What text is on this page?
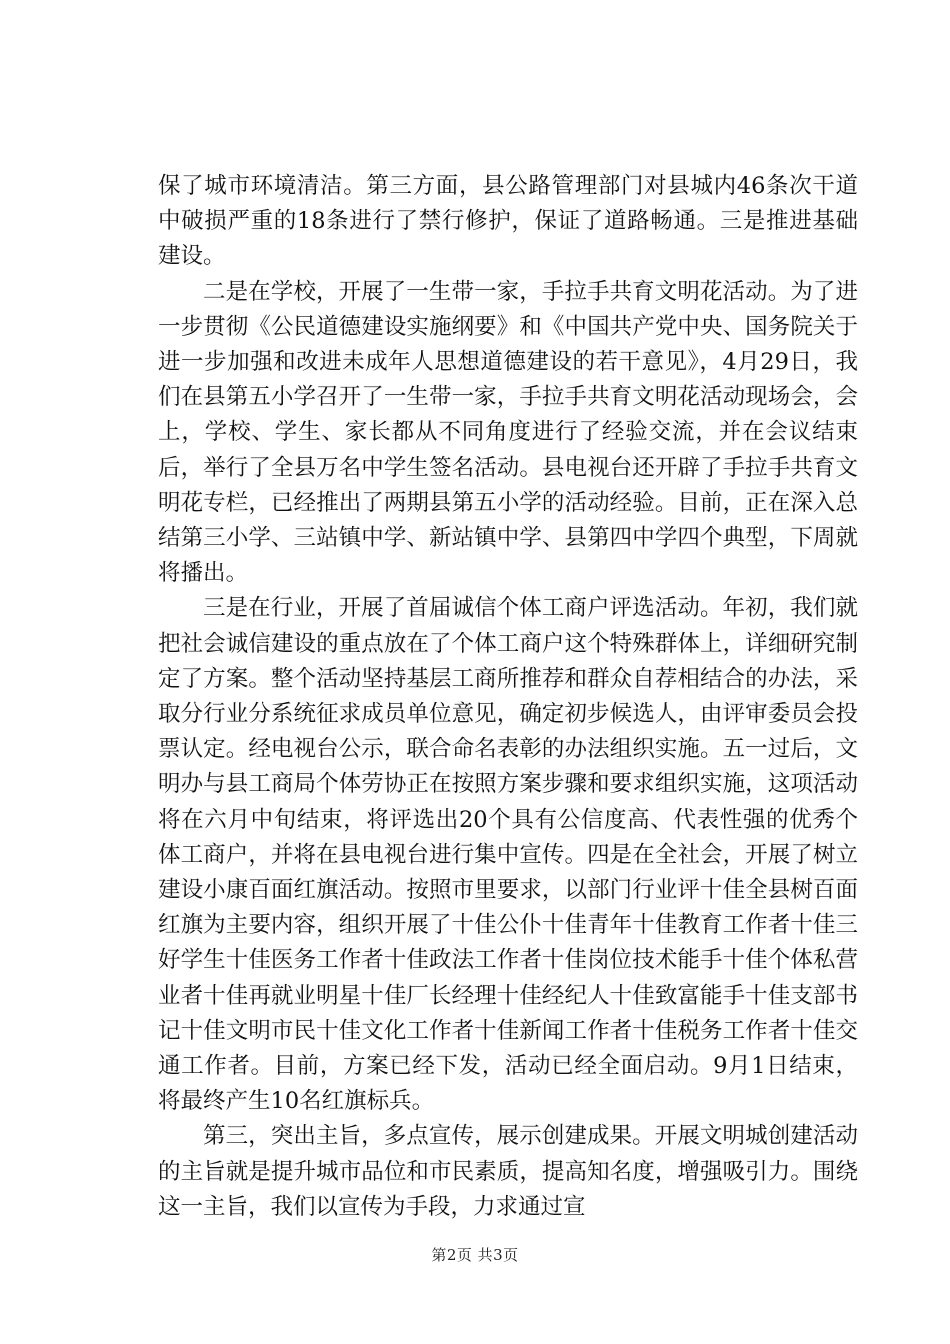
保了城市环境清洁。第三方面，县公路管理部门对县城内46条次干道中破损严重的18条进行了禁行修护，保证了道路畅通。三是推进基础建设。

二是在学校，开展了一生带一家，手拉手共育文明花活动。为了进一步贯彻《公民道德建设实施纲要》和《中国共产党中央、国务院关于进一步加强和改进未成年人思想道德建设的若干意见》，4月29日，我们在县第五小学召开了一生带一家，手拉手共育文明花活动现场会，会上，学校、学生、家长都从不同角度进行了经验交流，并在会议结束后，举行了全县万名中学生签名活动。县电视台还开辟了手拉手共育文明花专栏，已经推出了两期县第五小学的活动经验。目前，正在深入总结第三小学、三站镇中学、新站镇中学、县第四中学四个典型，下周就将播出。

三是在行业，开展了首届诚信个体工商户评选活动。年初，我们就把社会诚信建设的重点放在了个体工商户这个特殊群体上，详细研究制定了方案。整个活动坚持基层工商所推荐和群众自荐相结合的办法，采取分行业分系统征求成员单位意见，确定初步候选人，由评审委员会投票认定。经电视台公示，联合命名表彰的办法组织实施。五一过后，文明办与县工商局个体劳协正在按照方案步骤和要求组织实施，这项活动将在六月中旬结束，将评选出20个具有公信度高、代表性强的优秀个体工商户，并将在县电视台进行集中宣传。四是在全社会，开展了树立建设小康百面红旗活动。按照市里要求，以部门行业评十佳全县树百面红旗为主要内容，组织开展了十佳公仆十佳青年十佳教育工作者十佳三好学生十佳医务工作者十佳政法工作者十佳岗位技术能手十佳个体私营业者十佳再就业明星十佳厂长经理十佳经纪人十佳致富能手十佳支部书记十佳文明市民十佳文化工作者十佳新闻工作者十佳税务工作者十佳交通工作者。目前，方案已经下发，活动已经全面启动。9月1日结束，将最终产生10名红旗标兵。

第三，突出主旨，多点宣传，展示创建成果。开展文明城创建活动的主旨就是提升城市品位和市民素质，提高知名度，增强吸引力。围绕这一主旨，我们以宣传为手段，力求通过宣

第2页 共3页
